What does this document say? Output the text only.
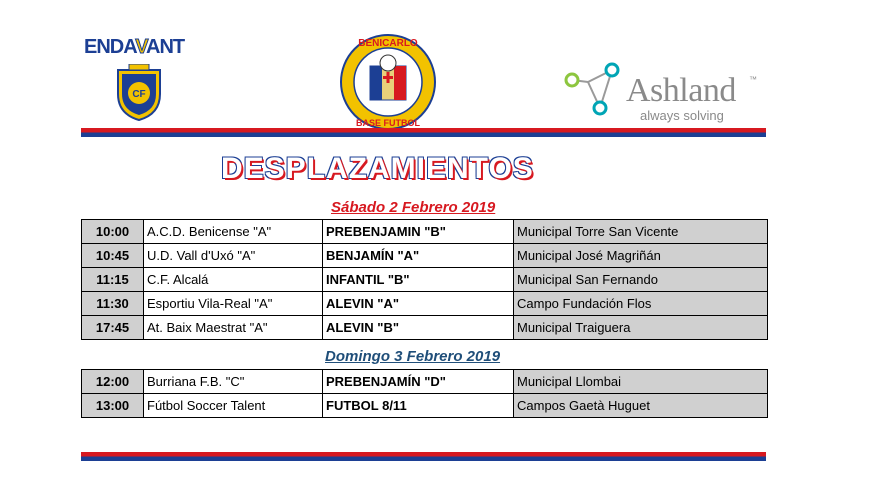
ENDAVANT
CF
BENICARLO
BASE FUTBOL
Ashland ™
always solving
DESPLAZAMIENTOS
Sábado 2 Febrero 2019
10:00	A.C.D. Benicense "A"	PREBENJAMIN "B"	Municipal Torre San Vicente
10:45	U.D. Vall d'Uxó "A"	BENJAMÍN "A"	Municipal José Magriñán
11:15	C.F. Alcalá	INFANTIL "B"	Municipal San Fernando
11:30	Esportiu Vila-Real "A"	ALEVIN "A"	Campo Fundación Flos
17:45	At. Baix Maestrat "A"	ALEVIN "B"	Municipal Traiguera
Domingo 3 Febrero 2019
12:00	Burriana F.B. "C"	PREBENJAMÍN "D"	Municipal Llombai
13:00	Fútbol Soccer Talent	FUTBOL 8/11	Campos Gaetà Huguet
